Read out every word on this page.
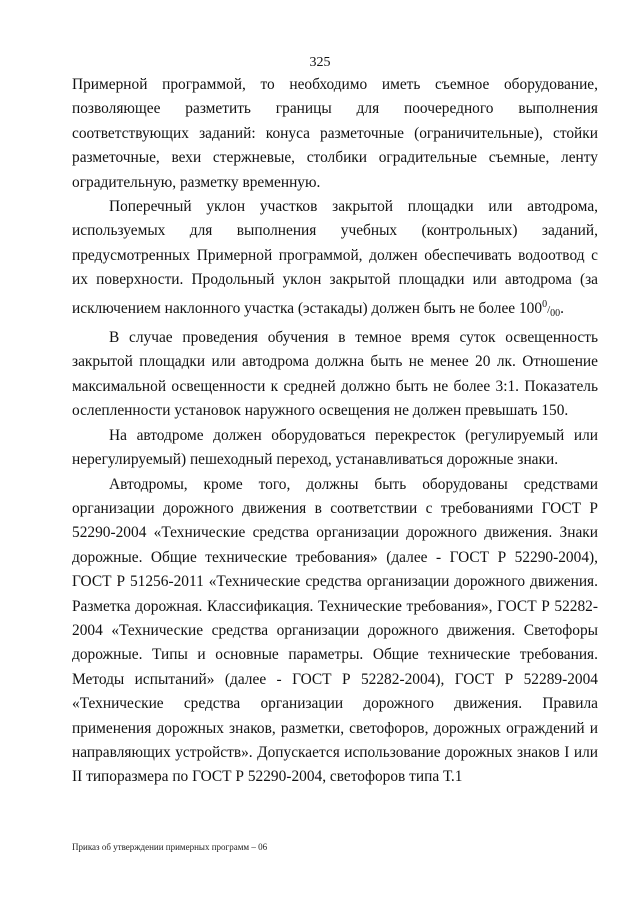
325

Примерной программой, то необходимо иметь съемное оборудование, позволяющее разметить границы для поочередного выполнения соответствующих заданий: конуса разметочные (ограничительные), стойки разметочные, вехи стержневые, столбики оградительные съемные, ленту оградительную, разметку временную.

Поперечный уклон участков закрытой площадки или автодрома, используемых для выполнения учебных (контрольных) заданий, предусмотренных Примерной программой, должен обеспечивать водоотвод с их поверхности. Продольный уклон закрытой площадки или автодрома (за исключением наклонного участка (эстакады) должен быть не более $100^0/_{00}$.

В случае проведения обучения в темное время суток освещенность закрытой площадки или автодрома должна быть не менее 20 лк. Отношение максимальной освещенности к средней должно быть не более 3:1. Показатель ослепленности установок наружного освещения не должен превышать 150.

На автодроме должен оборудоваться перекресток (регулируемый или нерегулируемый) пешеходный переход, устанавливаться дорожные знаки.

Автодромы, кроме того, должны быть оборудованы средствами организации дорожного движения в соответствии с требованиями ГОСТ Р 52290-2004 «Технические средства организации дорожного движения. Знаки дорожные. Общие технические требования» (далее - ГОСТ Р 52290-2004), ГОСТ Р 51256-2011 «Технические средства организации дорожного движения. Разметка дорожная. Классификация. Технические требования», ГОСТ Р 52282-2004 «Технические средства организации дорожного движения. Светофоры дорожные. Типы и основные параметры. Общие технические требования. Методы испытаний» (далее - ГОСТ Р 52282-2004), ГОСТ Р 52289-2004 «Технические средства организации дорожного движения. Правила применения дорожных знаков, разметки, светофоров, дорожных ограждений и направляющих устройств». Допускается использование дорожных знаков I или II типоразмера по ГОСТ Р 52290-2004, светофоров типа Т.1

Приказ об утверждении примерных программ – 06
